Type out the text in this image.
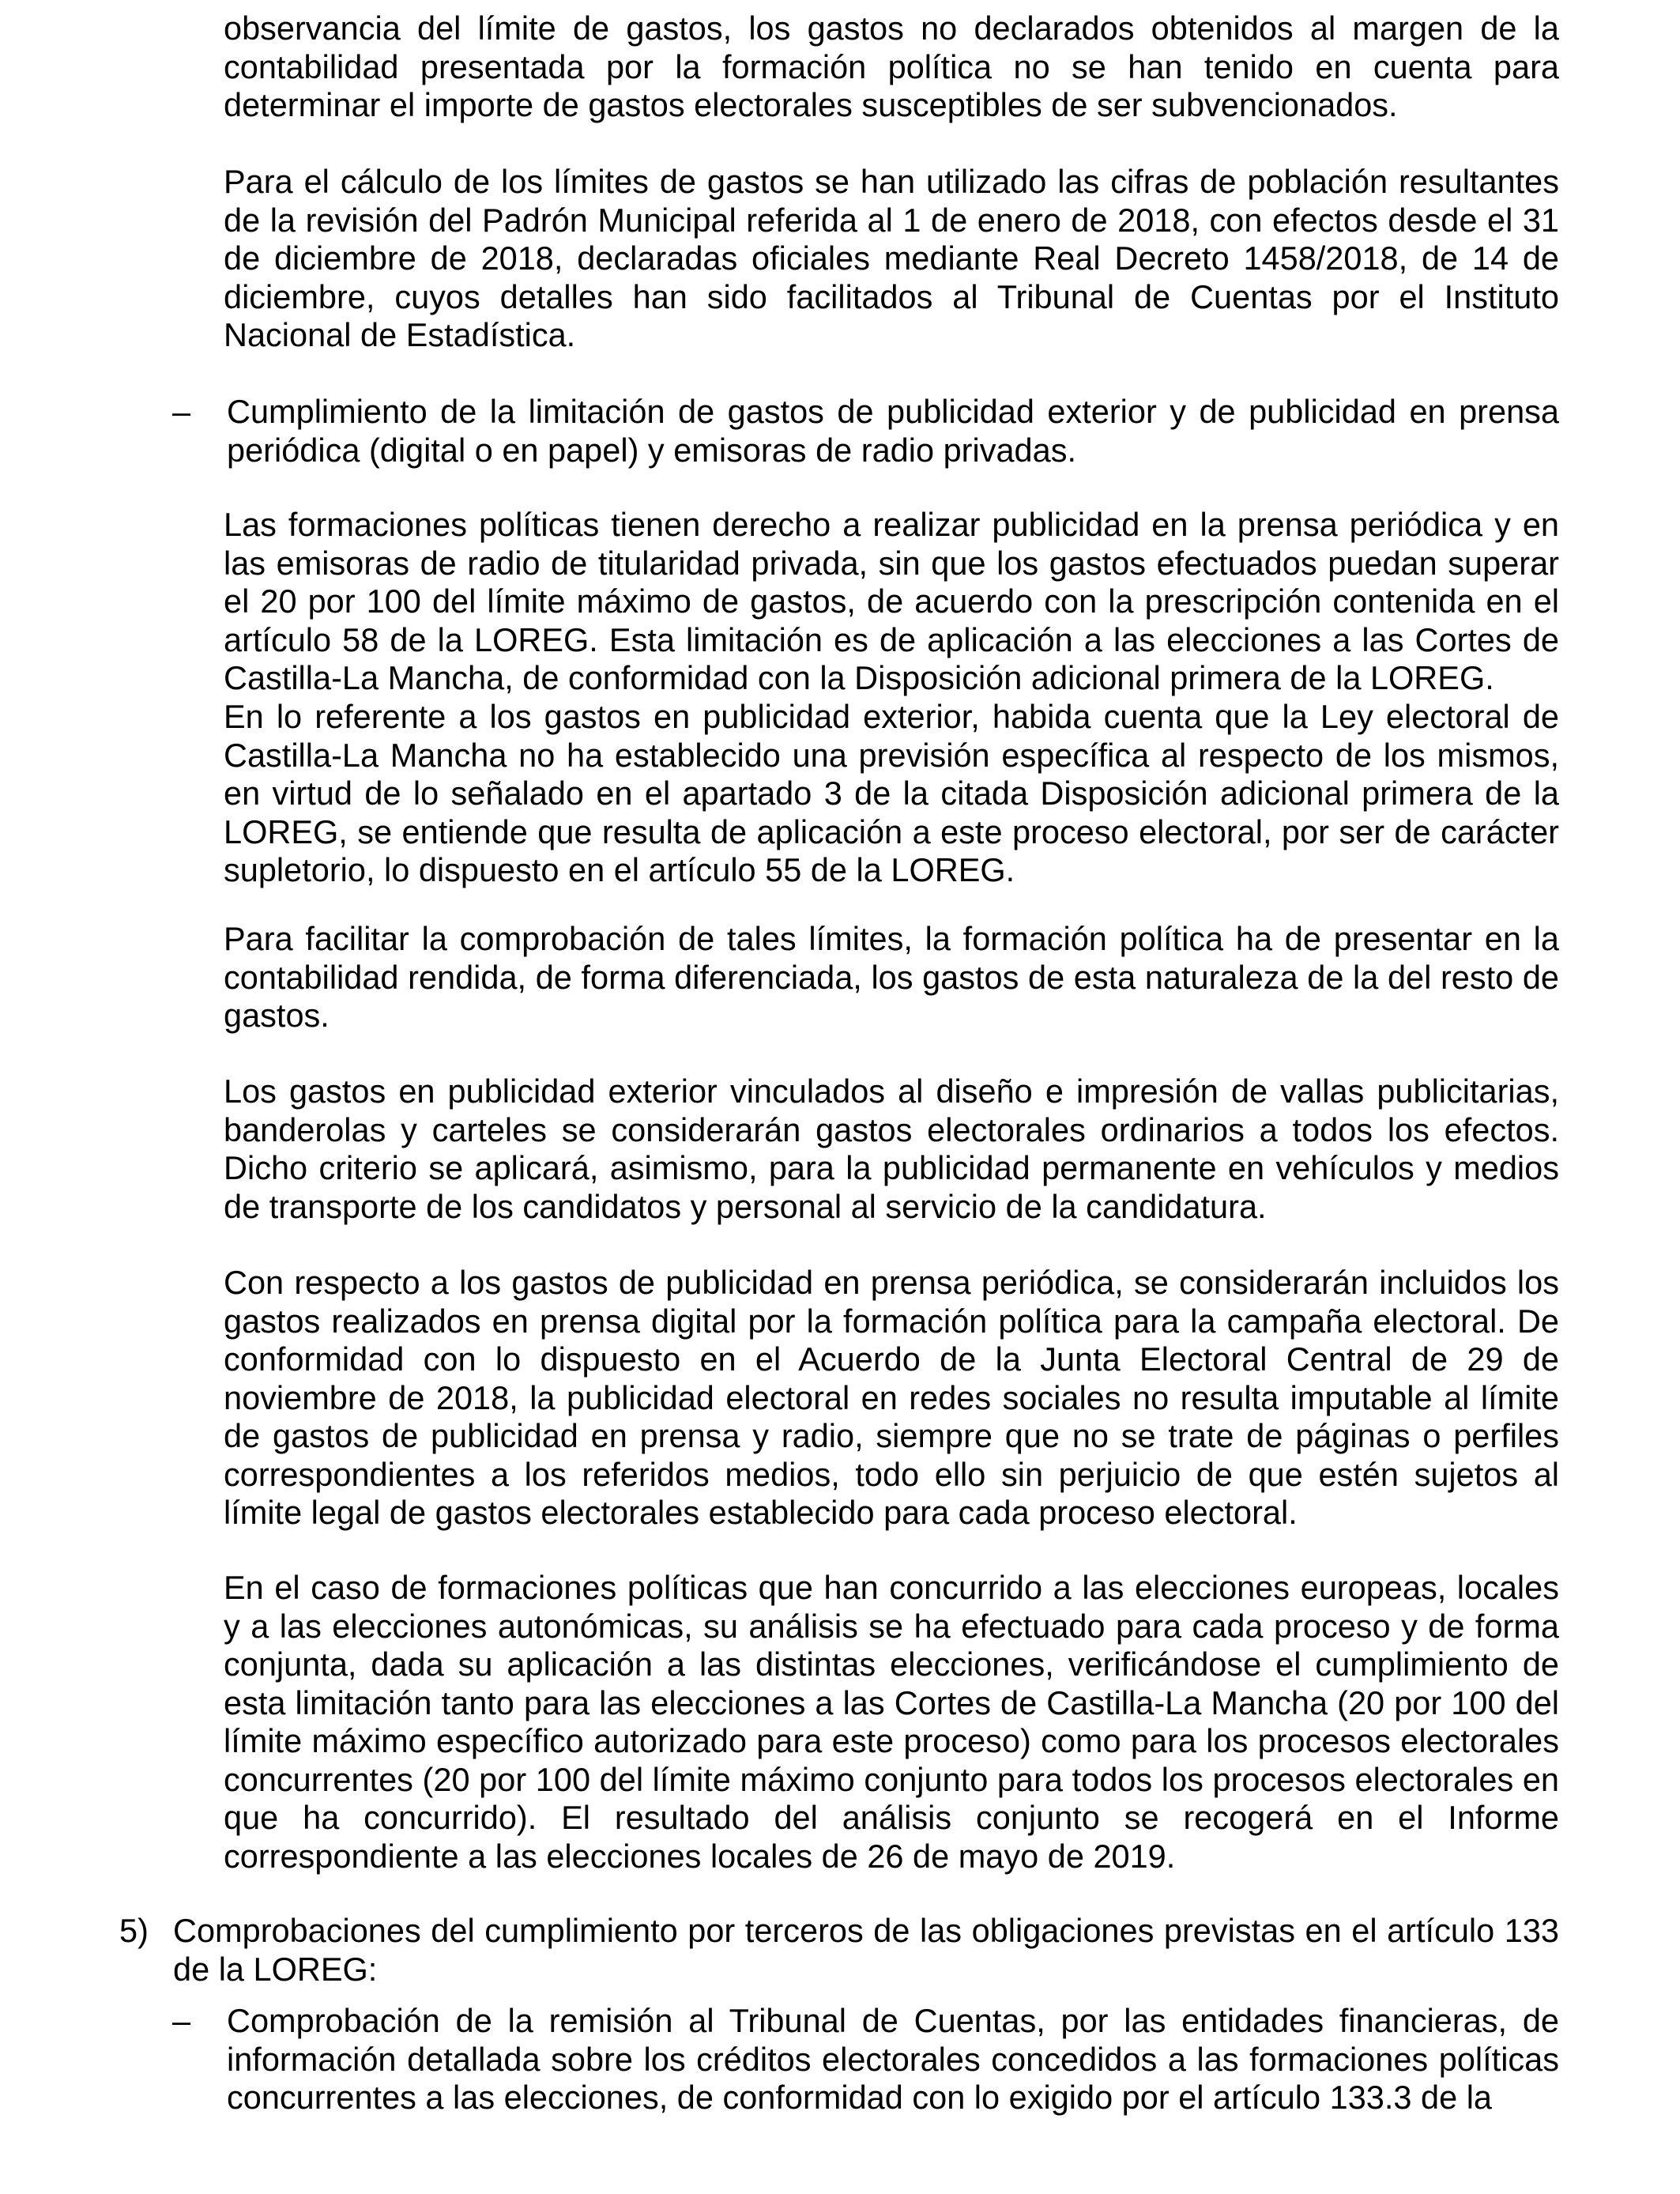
observancia del límite de gastos, los gastos no declarados obtenidos al margen de la contabilidad presentada por la formación política no se han tenido en cuenta para determinar el importe de gastos electorales susceptibles de ser subvencionados.

Para el cálculo de los límites de gastos se han utilizado las cifras de población resultantes de la revisión del Padrón Municipal referida al 1 de enero de 2018, con efectos desde el 31 de diciembre de 2018, declaradas oficiales mediante Real Decreto 1458/2018, de 14 de diciembre, cuyos detalles han sido facilitados al Tribunal de Cuentas por el Instituto Nacional de Estadística.

–	Cumplimiento de la limitación de gastos de publicidad exterior y de publicidad en prensa periódica (digital o en papel) y emisoras de radio privadas.

Las formaciones políticas tienen derecho a realizar publicidad en la prensa periódica y en las emisoras de radio de titularidad privada, sin que los gastos efectuados puedan superar el 20 por 100 del límite máximo de gastos, de acuerdo con la prescripción contenida en el artículo 58 de la LOREG. Esta limitación es de aplicación a las elecciones a las Cortes de Castilla-La Mancha, de conformidad con la Disposición adicional primera de la LOREG.

En lo referente a los gastos en publicidad exterior, habida cuenta que la Ley electoral de Castilla-La Mancha no ha establecido una previsión específica al respecto de los mismos, en virtud de lo señalado en el apartado 3 de la citada Disposición adicional primera de la LOREG, se entiende que resulta de aplicación a este proceso electoral, por ser de carácter supletorio, lo dispuesto en el artículo 55 de la LOREG.

Para facilitar la comprobación de tales límites, la formación política ha de presentar en la contabilidad rendida, de forma diferenciada, los gastos de esta naturaleza de la del resto de gastos.

Los gastos en publicidad exterior vinculados al diseño e impresión de vallas publicitarias, banderolas y carteles se considerarán gastos electorales ordinarios a todos los efectos. Dicho criterio se aplicará, asimismo, para la publicidad permanente en vehículos y medios de transporte de los candidatos y personal al servicio de la candidatura.

Con respecto a los gastos de publicidad en prensa periódica, se considerarán incluidos los gastos realizados en prensa digital por la formación política para la campaña electoral. De conformidad con lo dispuesto en el Acuerdo de la Junta Electoral Central de 29 de noviembre de 2018, la publicidad electoral en redes sociales no resulta imputable al límite de gastos de publicidad en prensa y radio, siempre que no se trate de páginas o perfiles correspondientes a los referidos medios, todo ello sin perjuicio de que estén sujetos al límite legal de gastos electorales establecido para cada proceso electoral.

En el caso de formaciones políticas que han concurrido a las elecciones europeas, locales y a las elecciones autonómicas, su análisis se ha efectuado para cada proceso y de forma conjunta, dada su aplicación a las distintas elecciones, verificándose el cumplimiento de esta limitación tanto para las elecciones a las Cortes de Castilla-La Mancha (20 por 100 del límite máximo específico autorizado para este proceso) como para los procesos electorales concurrentes (20 por 100 del límite máximo conjunto para todos los procesos electorales en que ha concurrido). El resultado del análisis conjunto se recogerá en el Informe correspondiente a las elecciones locales de 26 de mayo de 2019.

5) Comprobaciones del cumplimiento por terceros de las obligaciones previstas en el artículo 133 de la LOREG:

–	Comprobación de la remisión al Tribunal de Cuentas, por las entidades financieras, de información detallada sobre los créditos electorales concedidos a las formaciones políticas concurrentes a las elecciones, de conformidad con lo exigido por el artículo 133.3 de la
